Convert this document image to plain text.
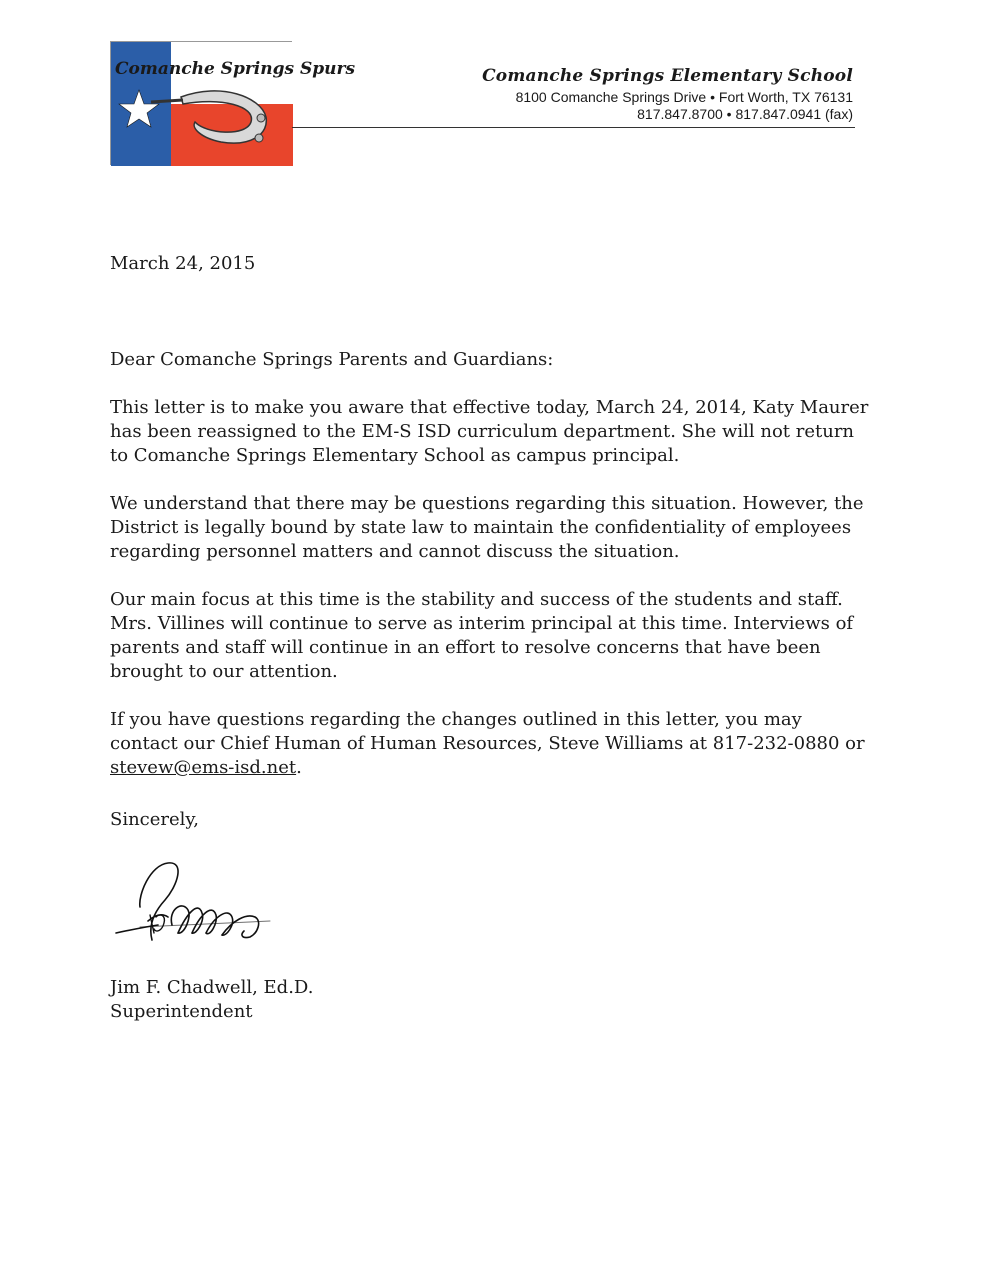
Comanche Springs Spurs	Comanche Springs Elementary School
8100 Comanche Springs Drive • Fort Worth, TX 76131
817.847.8700 • 817.847.0941 (fax)
March 24, 2015

Dear Comanche Springs Parents and Guardians:

This letter is to make you aware that effective today, March 24, 2014, Katy Maurer has been reassigned to the EM-S ISD curriculum department. She will not return to Comanche Springs Elementary School as campus principal.

We understand that there may be questions regarding this situation. However, the District is legally bound by state law to maintain the confidentiality of employees regarding personnel matters and cannot discuss the situation.

Our main focus at this time is the stability and success of the students and staff. Mrs. Villines will continue to serve as interim principal at this time. Interviews of parents and staff will continue in an effort to resolve concerns that have been brought to our attention.

If you have questions regarding the changes outlined in this letter, you may contact our Chief Human of Human Resources, Steve Williams at 817-232-0880 or stevew@ems-isd.net.

Sincerely,
Jim F. Chadwell, Ed.D.
Superintendent
